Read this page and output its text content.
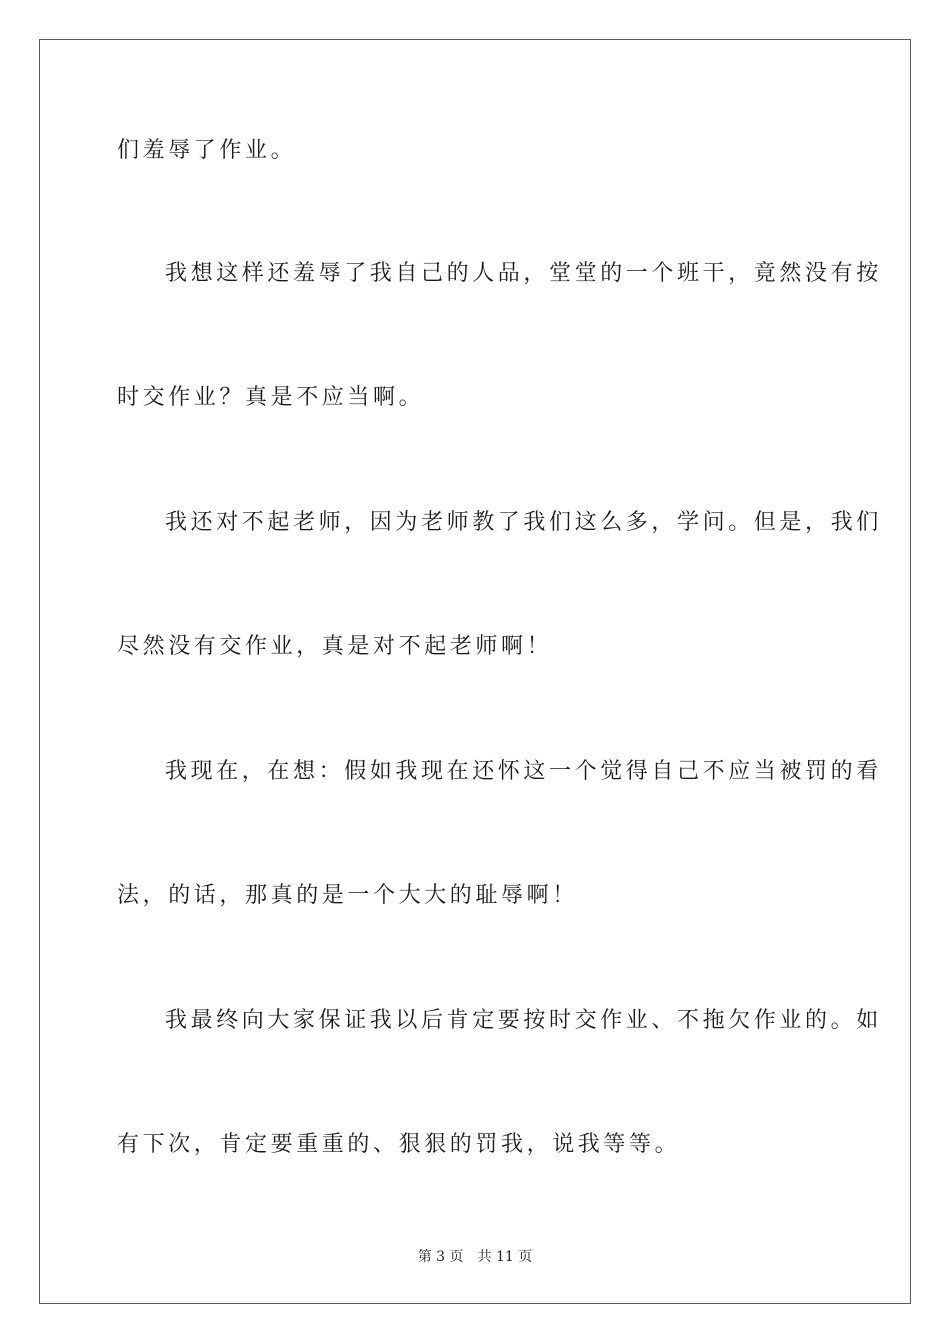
们羞辱了作业。
我想这样还羞辱了我自己的人品，堂堂的一个班干，竟然没有按
时交作业？真是不应当啊。
我还对不起老师，因为老师教了我们这么多，学问。但是，我们
尽然没有交作业，真是对不起老师啊！
我现在，在想：假如我现在还怀这一个觉得自己不应当被罚的看
法，的话，那真的是一个大大的耻辱啊！
我最终向大家保证我以后肯定要按时交作业、不拖欠作业的。如
有下次，肯定要重重的、狠狠的罚我，说我等等。
第 3 页 共 11 页
